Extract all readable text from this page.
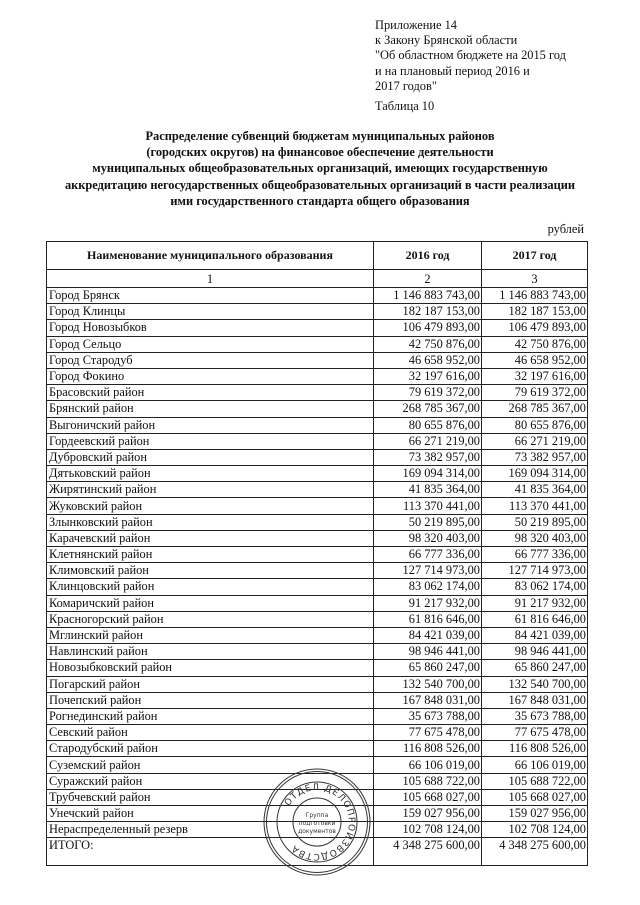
Приложение 14
к Закону Брянской области
"Об областном бюджете на 2015 год
и на плановый период 2016 и
2017 годов"
Таблица 10
Распределение субвенций бюджетам муниципальных районов
(городских округов) на финансовое обеспечение деятельности
муниципальных общеобразовательных организаций, имеющих государственную
аккредитацию негосударственных общеобразовательных организаций в части реализации
ими государственного стандарта общего образования
рублей
Наименование муниципального образования	2016 год	2017 год
1	2	3
Город Брянск	1 146 883 743,00	1 146 883 743,00
Город Клинцы	182 187 153,00	182 187 153,00
Город Новозыбков	106 479 893,00	106 479 893,00
Город Сельцо	42 750 876,00	42 750 876,00
Город Стародуб	46 658 952,00	46 658 952,00
Город Фокино	32 197 616,00	32 197 616,00
Брасовский район	79 619 372,00	79 619 372,00
Брянский район	268 785 367,00	268 785 367,00
Выгоничский район	80 655 876,00	80 655 876,00
Гордеевский район	66 271 219,00	66 271 219,00
Дубровский район	73 382 957,00	73 382 957,00
Дятьковский район	169 094 314,00	169 094 314,00
Жирятинский район	41 835 364,00	41 835 364,00
Жуковский район	113 370 441,00	113 370 441,00
Злынковский район	50 219 895,00	50 219 895,00
Карачевский район	98 320 403,00	98 320 403,00
Клетнянский район	66 777 336,00	66 777 336,00
Климовский район	127 714 973,00	127 714 973,00
Клинцовский район	83 062 174,00	83 062 174,00
Комаричский район	91 217 932,00	91 217 932,00
Красногорский район	61 816 646,00	61 816 646,00
Мглинский район	84 421 039,00	84 421 039,00
Навлинский район	98 946 441,00	98 946 441,00
Новозыбковский район	65 860 247,00	65 860 247,00
Погарский район	132 540 700,00	132 540 700,00
Почепский район	167 848 031,00	167 848 031,00
Рогнединский район	35 673 788,00	35 673 788,00
Севский район	77 675 478,00	77 675 478,00
Стародубский район	116 808 526,00	116 808 526,00
Суземский район	66 106 019,00	66 106 019,00
Суражский район	105 688 722,00	105 688 722,00
Трубчевский район	105 668 027,00	105 668 027,00
Унечский район	159 027 956,00	159 027 956,00
Нераспределенный резерв	102 708 124,00	102 708 124,00
ИТОГО:	4 348 275 600,00	4 348 275 600,00
ОТДЕЛ ДЕЛОПРОИЗВОДСТВА
Группа
подготовки
документов
